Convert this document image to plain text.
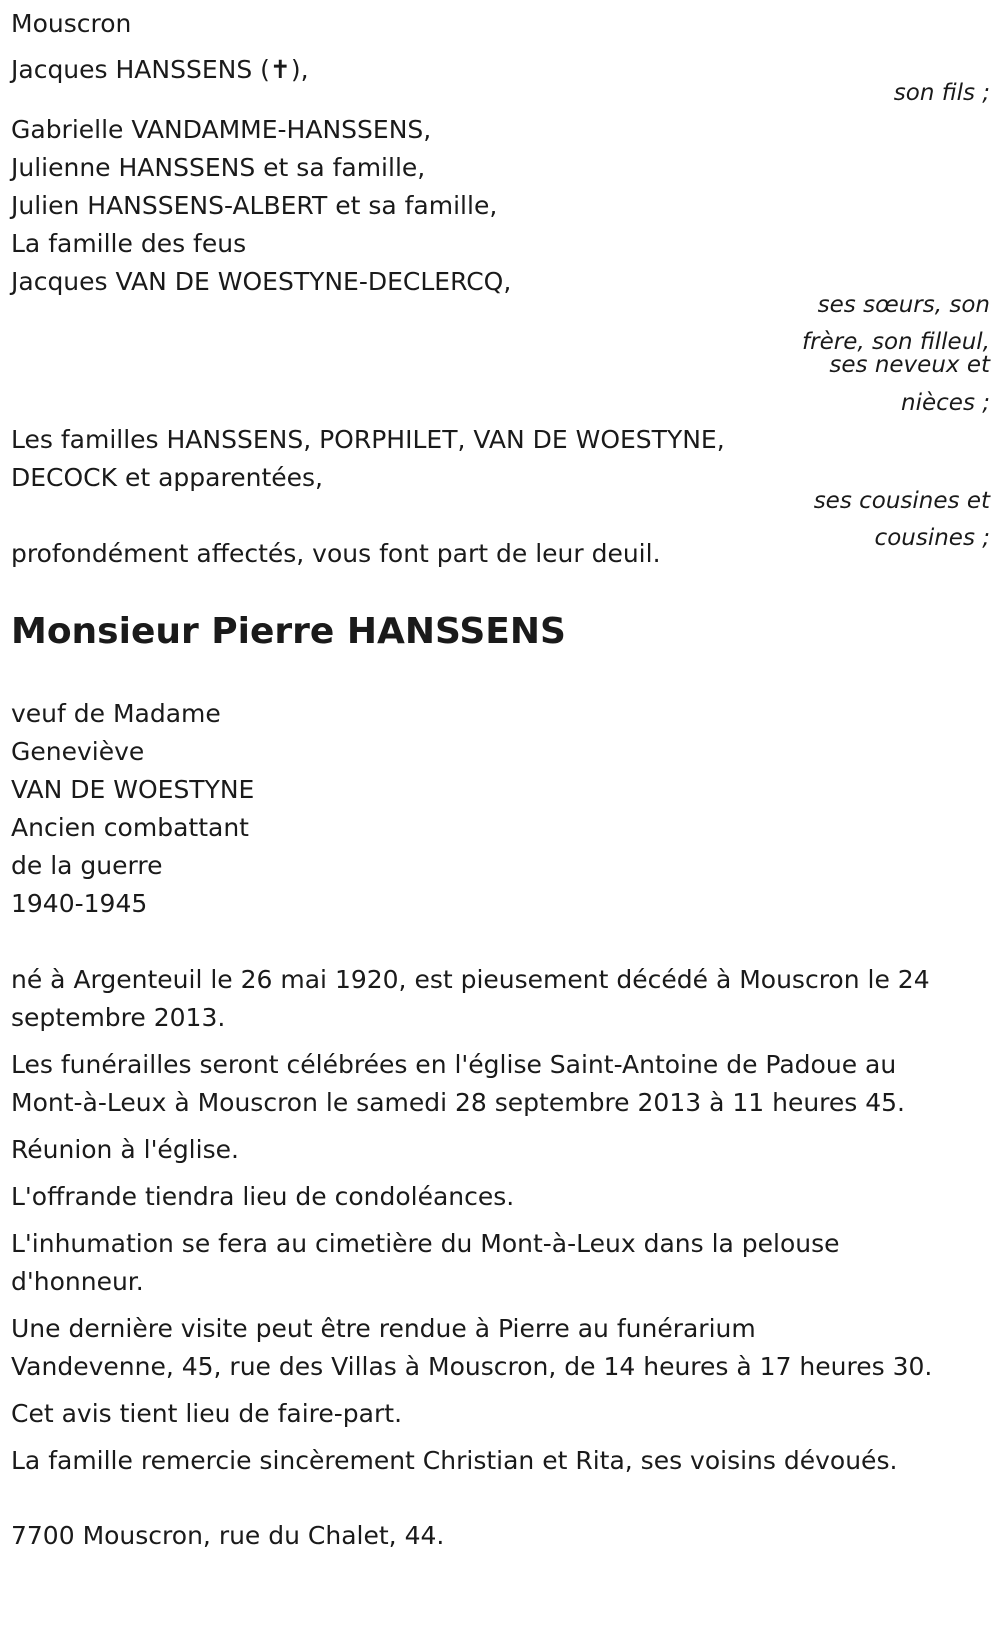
Mouscron
Jacques HANSSENS (✝),
son fils ;
Gabrielle VANDAMME-HANSSENS,
Julienne HANSSENS et sa famille,
Julien HANSSENS-ALBERT et sa famille,
La famille des feus
Jacques VAN DE WOESTYNE-DECLERCQ,
ses sœurs, son
frère, son filleul,
ses neveux et
nièces ;
Les familles HANSSENS, PORPHILET, VAN DE WOESTYNE,
DECOCK et apparentées,
ses cousines et
cousines ;
profondément affectés, vous font part de leur deuil.
Monsieur Pierre HANSSENS
veuf de Madame
Geneviève
VAN DE WOESTYNE
Ancien combattant
de la guerre
1940-1945
né à Argenteuil le 26 mai 1920, est pieusement décédé à Mouscron le 24
septembre 2013.
Les funérailles seront célébrées en l'église Saint-Antoine de Padoue au
Mont-à-Leux à Mouscron le samedi 28 septembre 2013 à 11 heures 45.
Réunion à l'église.
L'offrande tiendra lieu de condoléances.
L'inhumation se fera au cimetière du Mont-à-Leux dans la pelouse
d'honneur.
Une dernière visite peut être rendue à Pierre au funérarium
Vandevenne, 45, rue des Villas à Mouscron, de 14 heures à 17 heures 30.
Cet avis tient lieu de faire-part.
La famille remercie sincèrement Christian et Rita, ses voisins dévoués.
7700 Mouscron, rue du Chalet, 44.
